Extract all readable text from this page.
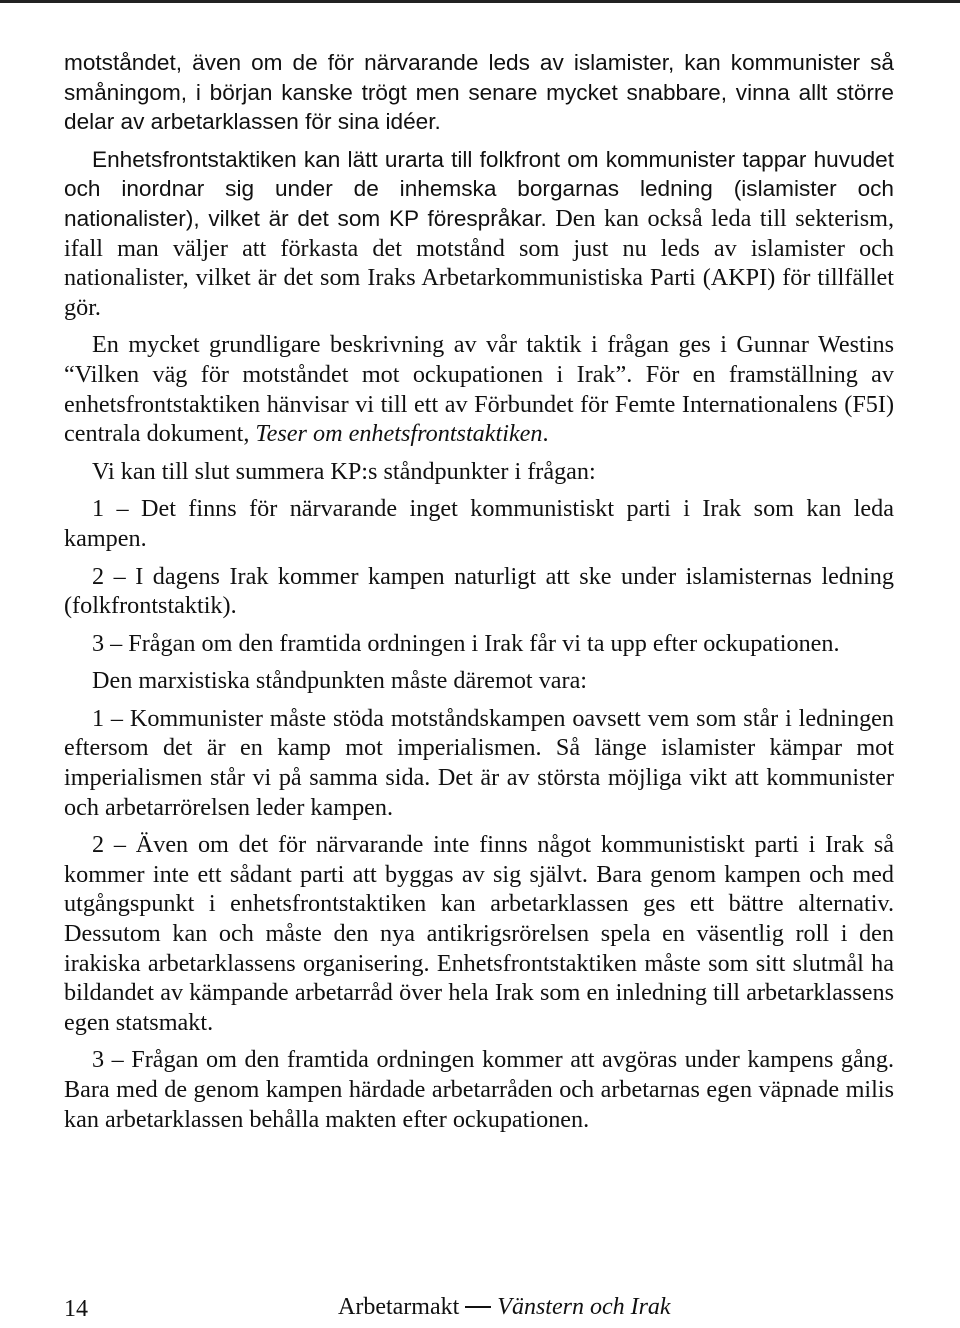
motståndet, även om de för närvarande leds av islamister, kan kommunister så småningom, i början kanske trögt men senare mycket snabbare, vinna allt större delar av arbetarklassen för sina idéer.

Enhetsfrontstaktiken kan lätt urarta till folkfront om kommunister tappar huvudet och inordnar sig under de inhemska borgarnas ledning (islamister och nationalister), vilket är det som KP förespråkar. Den kan också leda till sekterism, ifall man väljer att förkasta det motstånd som just nu leds av islamister och nationalister, vilket är det som Iraks Arbetarkommunistiska Parti (AKPI) för tillfället gör.

En mycket grundligare beskrivning av vår taktik i frågan ges i Gunnar Westins “Vilken väg för motståndet mot ockupationen i Irak”. För en framställning av enhetsfrontstaktiken hänvisar vi till ett av Förbundet för Femte Internationalens (F5I) centrala dokument, Teser om enhetsfrontstaktiken.

Vi kan till slut summera KP:s ståndpunkter i frågan:

1 – Det finns för närvarande inget kommunistiskt parti i Irak som kan leda kampen.

2 – I dagens Irak kommer kampen naturligt att ske under islamisternas ledning (folkfrontstaktik).

3 – Frågan om den framtida ordningen i Irak får vi ta upp efter ockupationen.

Den marxistiska ståndpunkten måste däremot vara:

1 – Kommunister måste stöda motståndskampen oavsett vem som står i ledningen eftersom det är en kamp mot imperialismen. Så länge islamister kämpar mot imperialismen står vi på samma sida. Det är av största möjliga vikt att kommunister och arbetarrörelsen leder kampen.

2 – Även om det för närvarande inte finns något kommunistiskt parti i Irak så kommer inte ett sådant parti att byggas av sig självt. Bara genom kampen och med utgångspunkt i enhetsfrontstaktiken kan arbetarklassen ges ett bättre alternativ. Dessutom kan och måste den nya antikrigsrörelsen spela en väsentlig roll i den irakiska arbetarklassens organisering. Enhetsfrontstaktiken måste som sitt slutmål ha bildandet av kämpande arbetarråd över hela Irak som en inledning till arbetarklassens egen statsmakt.

3 – Frågan om den framtida ordningen kommer att avgöras under kampens gång. Bara med de genom kampen härdade arbetarråden och arbetarnas egen väpnade milis kan arbetarklassen behålla makten efter ockupationen.

14	Arbetarmakt Vänstern och Irak
